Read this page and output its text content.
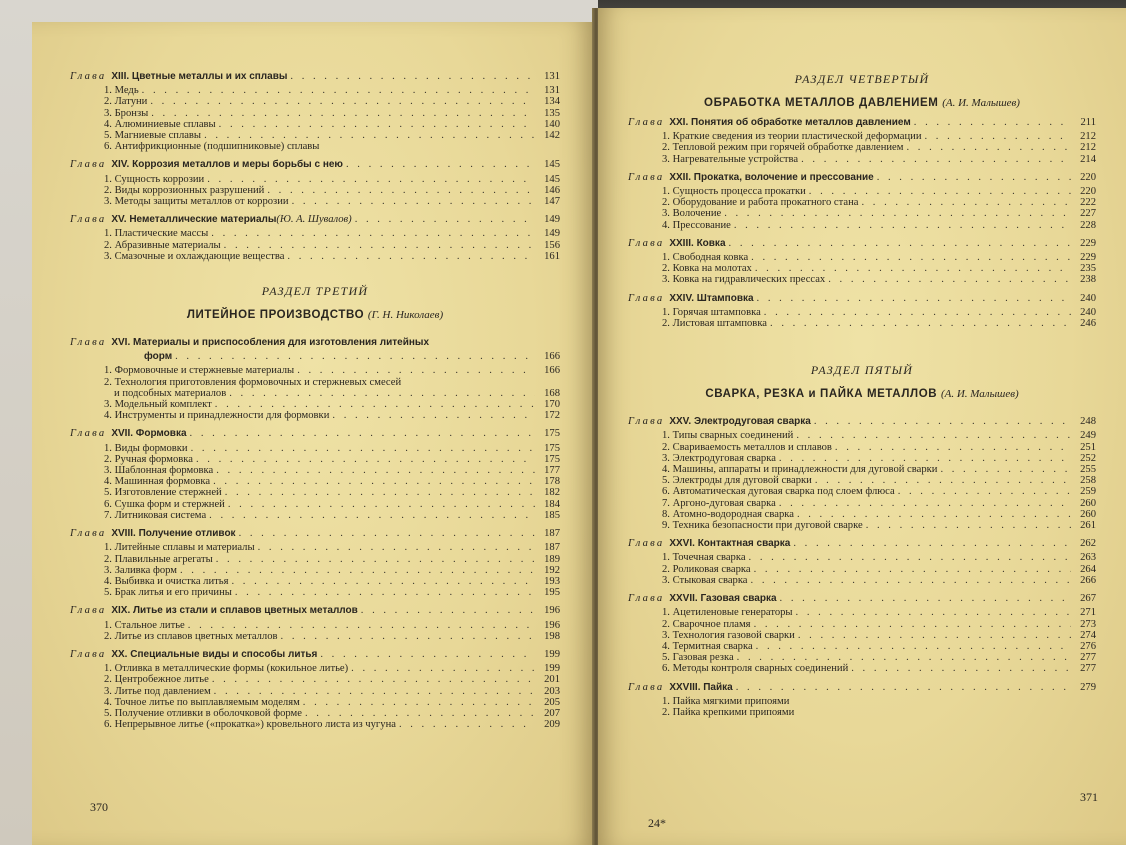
Глава XIII. Цветные металлы и их сплавы . . .	131
1. Медь . . .	131
2. Латуни . . .	134
3. Бронзы . . .	135
4. Алюминиевые сплавы . . .	140
5. Магниевые сплавы . . .	142
6. Антифрикционные (подшипниковые) сплавы
Глава XIV. Коррозия металлов и меры борьбы с нею . . .	145
1. Сущность коррозии . . .	145
2. Виды коррозионных разрушений . . .	146
3. Методы защиты металлов от коррозии . . .	147
Глава XV. Неметаллические материалы (Ю. А. Шувалов) . . .	149
1. Пластические массы . . .	149
2. Абразивные материалы . . .	156
3. Смазочные и охлаждающие вещества . . .	161
РАЗДЕЛ ТРЕТИЙ
ЛИТЕЙНОЕ ПРОИЗВОДСТВО (Г. Н. Николаев)
Глава XVI. Материалы и приспособления для изготовления литейных
форм . . .	166
1. Формовочные и стержневые материалы . . .	166
2. Технология приготовления формовочных и стержневых смесей
и подсобных материалов . . .	168
3. Модельный комплект . . .	170
4. Инструменты и принадлежности для формовки . . .	172
Глава XVII. Формовка . . .	175
1. Виды формовки . . .	175
2. Ручная формовка . . .	175
3. Шаблонная формовка . . .	177
4. Машинная формовка . . .	178
5. Изготовление стержней . . .	182
6. Сушка форм и стержней . . .	184
7. Литниковая система . . .	185
Глава XVIII. Получение отливок . . .	187
1. Литейные сплавы и материалы . . .	187
2. Плавильные агрегаты . . .	189
3. Заливка форм . . .	192
4. Выбивка и очистка литья . . .	193
5. Брак литья и его причины . . .	195
Глава XIX. Литье из стали и сплавов цветных металлов . . .	196
1. Стальное литье . . .	196
2. Литье из сплавов цветных металлов . . .	198
Глава XX. Специальные виды и способы литья . . .	199
1. Отливка в металлические формы (кокильное литье) . . .	199
2. Центробежное литье . . .	201
3. Литье под давлением . . .	203
4. Точное литье по выплавляемым моделям . . .	205
5. Получение отливки в оболочковой форме . . .	207
6. Непрерывное литье («прокатка») кровельного листа из чугуна . . .	209
370
РАЗДЕЛ ЧЕТВЕРТЫЙ
ОБРАБОТКА МЕТАЛЛОВ ДАВЛЕНИЕМ (А. И. Малышев)
Глава XXI. Понятия об обработке металлов давлением . . .	211
1. Краткие сведения из теории пластической деформации . . .	212
2. Тепловой режим при горячей обработке давлением . . .	212
3. Нагревательные устройства . . .	214
Глава XXII. Прокатка, волочение и прессование . . .	220
1. Сущность процесса прокатки . . .	220
2. Оборудование и работа прокатного стана . . .	222
3. Волочение . . .	227
4. Прессование . . .	228
Глава XXIII. Ковка . . .	229
1. Свободная ковка . . .	229
2. Ковка на молотах . . .	235
3. Ковка на гидравлических прессах . . .	238
Глава XXIV. Штамповка . . .	240
1. Горячая штамповка . . .	240
2. Листовая штамповка . . .	246
РАЗДЕЛ ПЯТЫЙ
СВАРКА, РЕЗКА и ПАЙКА МЕТАЛЛОВ (А. И. Малышев)
Глава XXV. Электродуговая сварка . . .	248
1. Типы сварных соединений . . .	249
2. Свариваемость металлов и сплавов . . .	251
3. Электродуговая сварка . . .	252
4. Машины, аппараты и принадлежности для дуговой сварки . . .	255
5. Электроды для дуговой сварки . . .	258
6. Автоматическая дуговая сварка под слоем флюса . . .	259
7. Аргоно-дуговая сварка . . .	260
8. Атомно-водородная сварка . . .	260
9. Техника безопасности при дуговой сварке . . .	261
Глава XXVI. Контактная сварка . . .	262
1. Точечная сварка . . .	263
2. Роликовая сварка . . .	264
3. Стыковая сварка . . .	266
Глава XXVII. Газовая сварка . . .	267
1. Ацетиленовые генераторы . . .	271
2. Сварочное пламя . . .	273
3. Технология газовой сварки . . .	274
4. Термитная сварка . . .	276
5. Газовая резка . . .	277
6. Методы контроля сварных соединений . . .	277
Глава XXVIII. Пайка . . .	279
1. Пайка мягкими припоями
2. Пайка крепкими припоями
24*
371
